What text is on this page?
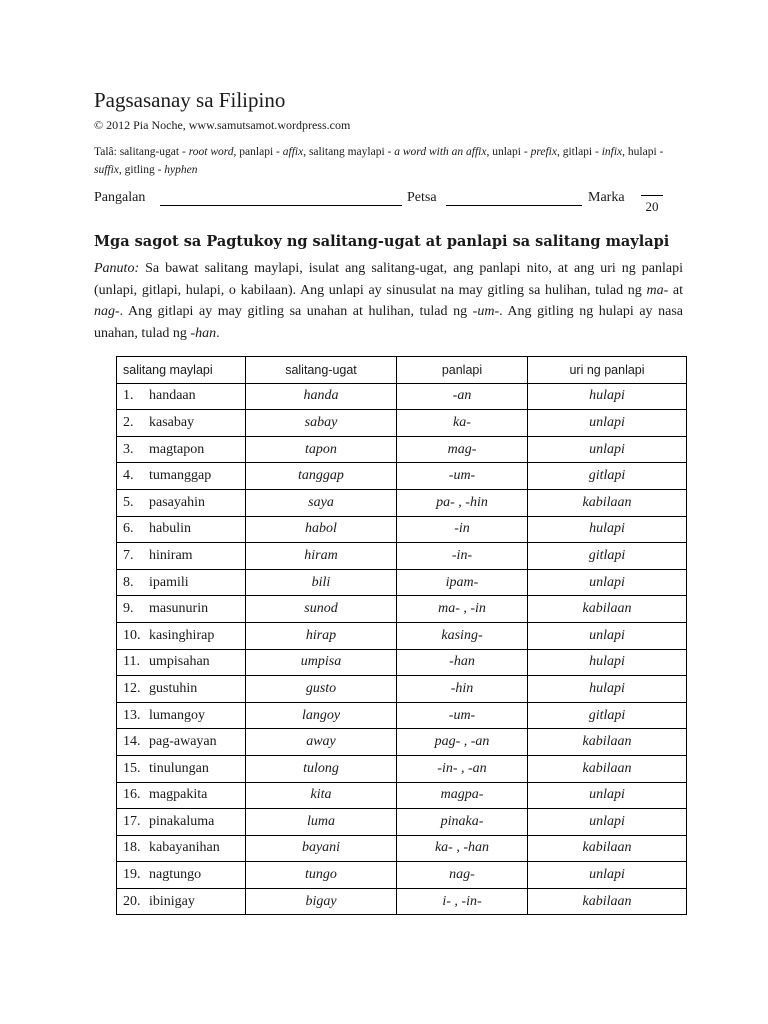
Pagsasanay sa Filipino
© 2012 Pia Noche, www.samutsamot.wordpress.com
Talâ: salitang-ugat - root word, panlapi - affix, salitang maylapi - a word with an affix, unlapi - prefix, gitlapi - infix, hulapi - suffix, gitling - hyphen
Pangalan	Petsa	Marka
20
Mga sagot sa Pagtukoy ng salitang-ugat at panlapi sa salitang maylapi
Panuto: Sa bawat salitang maylapi, isulat ang salitang-ugat, ang panlapi nito, at ang uri ng panlapi (unlapi, gitlapi, hulapi, o kabilaan). Ang unlapi ay sinusulat na may gitling sa hulihan, tulad ng ma- at nag-. Ang gitlapi ay may gitling sa unahan at hulihan, tulad ng -um-. Ang gitling ng hulapi ay nasa unahan, tulad ng -han.
salitang maylapi	salitang-ugat	panlapi	uri ng panlapi
1. handaan	handa	-an	hulapi
2. kasabay	sabay	ka-	unlapi
3. magtapon	tapon	mag-	unlapi
4. tumanggap	tanggap	-um-	gitlapi
5. pasayahin	saya	pa- , -hin	kabilaan
6. habulin	habol	-in	hulapi
7. hiniram	hiram	-in-	gitlapi
8. ipamili	bili	ipam-	unlapi
9. masunurin	sunod	ma- , -in	kabilaan
10. kasinghirap	hirap	kasing-	unlapi
11. umpisahan	umpisa	-han	hulapi
12. gustuhin	gusto	-hin	hulapi
13. lumangoy	langoy	-um-	gitlapi
14. pag-awayan	away	pag- , -an	kabilaan
15. tinulungan	tulong	-in- , -an	kabilaan
16. magpakita	kita	magpa-	unlapi
17. pinakaluma	luma	pinaka-	unlapi
18. kabayanihan	bayani	ka- , -han	kabilaan
19. nagtungo	tungo	nag-	unlapi
20. ibinigay	bigay	i- , -in-	kabilaan
